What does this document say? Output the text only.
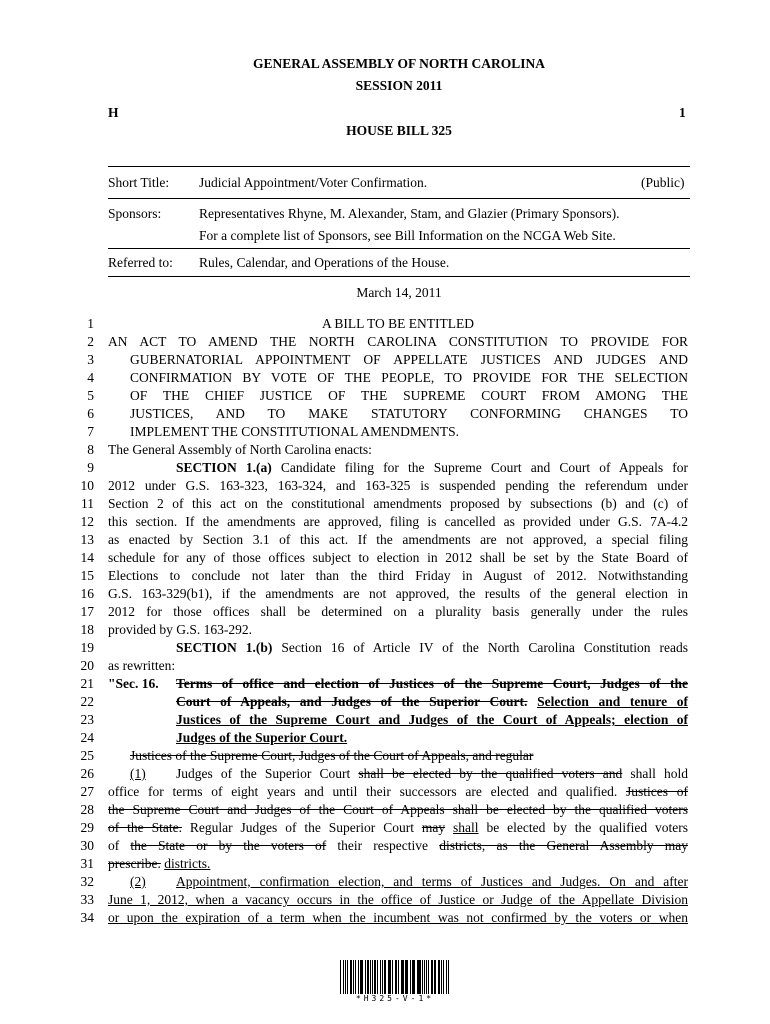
GENERAL ASSEMBLY OF NORTH CAROLINA
SESSION 2011
H	1
HOUSE BILL 325
Short Title: Judicial Appointment/Voter Confirmation.	(Public)
Sponsors:	Representatives Rhyne, M. Alexander, Stam, and Glazier (Primary Sponsors).
For a complete list of Sponsors, see Bill Information on the NCGA Web Site.
Referred to: Rules, Calendar, and Operations of the House.
March 14, 2011
1
2
3
4
5
6
7
8
9
10
11
12
13
14
15
16
17
18
19
20
21
22
23
24
25
26
27
28
29
30
31
32
33
34
A BILL TO BE ENTITLED
AN ACT TO AMEND THE NORTH CAROLINA CONSTITUTION TO PROVIDE FOR
GUBERNATORIAL APPOINTMENT OF APPELLATE JUSTICES AND JUDGES AND
CONFIRMATION BY VOTE OF THE PEOPLE, TO PROVIDE FOR THE SELECTION
OF THE CHIEF JUSTICE OF THE SUPREME COURT FROM AMONG THE
JUSTICES, AND TO MAKE STATUTORY CONFORMING CHANGES TO
IMPLEMENT THE CONSTITUTIONAL AMENDMENTS.
The General Assembly of North Carolina enacts:
SECTION 1.(a) Candidate filing for the Supreme Court and Court of Appeals for
2012 under G.S. 163-323, 163-324, and 163-325 is suspended pending the referendum under
Section 2 of this act on the constitutional amendments proposed by subsections (b) and (c) of
this section. If the amendments are approved, filing is cancelled as provided under G.S. 7A-4.2
as enacted by Section 3.1 of this act. If the amendments are not approved, a special filing
schedule for any of those offices subject to election in 2012 shall be set by the State Board of
Elections to conclude not later than the third Friday in August of 2012. Notwithstanding
G.S. 163-329(b1), if the amendments are not approved, the results of the general election in
2012 for those offices shall be determined on a plurality basis generally under the rules
provided by G.S. 163-292.
SECTION 1.(b) Section 16 of Article IV of the North Carolina Constitution reads
as rewritten:
"Sec. 16. Terms of office and election of Justices of the Supreme Court, Judges of the
Court of Appeals, and Judges of the Superior Court. Selection and tenure of
Justices of the Supreme Court and Judges of the Court of Appeals; election of
Judges of the Superior Court.
Justices of the Supreme Court, Judges of the Court of Appeals, and regular
(1) Judges of the Superior Court shall be elected by the qualified voters and shall hold
office for terms of eight years and until their successors are elected and qualified. Justices of
the Supreme Court and Judges of the Court of Appeals shall be elected by the qualified voters
of the State. Regular Judges of the Superior Court may shall be elected by the qualified voters
of the State or by the voters of their respective districts, as the General Assembly may
prescribe. districts.
(2) Appointment, confirmation election, and terms of Justices and Judges. On and after
June 1, 2012, when a vacancy occurs in the office of Justice or Judge of the Appellate Division
or upon the expiration of a term when the incumbent was not confirmed by the voters or when
*H325-V-1*
